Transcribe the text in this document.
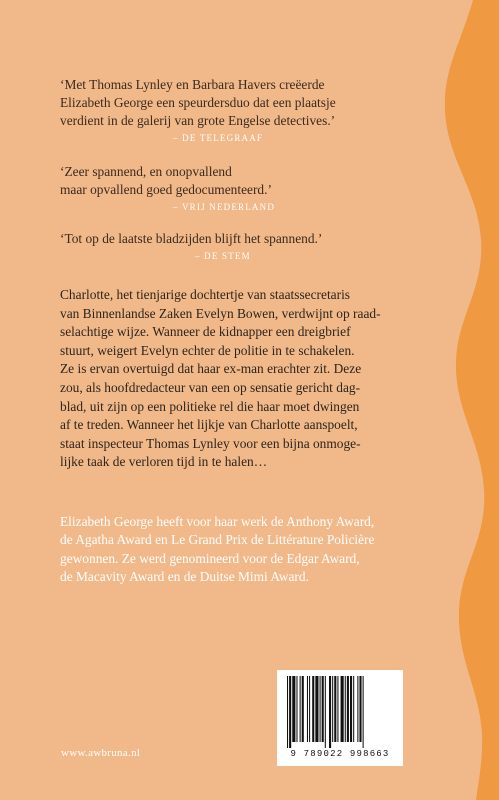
‘Met Thomas Lynley en Barbara Havers creëerde
Elizabeth George een speurdersduo dat een plaatsje
verdient in de galerij van grote Engelse detectives.’
– DE TELEGRAAF
‘Zeer spannend, en onopvallend
maar opvallend goed gedocumenteerd.’
– VRIJ NEDERLAND
‘Tot op de laatste bladzijden blijft het spannend.’
– DE STEM
Charlotte, het tienjarige dochtertje van staatssecretaris
van Binnenlandse Zaken Evelyn Bowen, verdwijnt op raad-
selachtige wijze. Wanneer de kidnapper een dreigbrief
stuurt, weigert Evelyn echter de politie in te schakelen.
Ze is ervan overtuigd dat haar ex-man erachter zit. Deze
zou, als hoofdredacteur van een op sensatie gericht dag-
blad, uit zijn op een politieke rel die haar moet dwingen
af te treden. Wanneer het lijkje van Charlotte aanspoelt,
staat inspecteur Thomas Lynley voor een bijna onmoge-
lijke taak de verloren tijd in te halen…
Elizabeth George heeft voor haar werk de Anthony Award,
de Agatha Award en Le Grand Prix de Littérature Policière
gewonnen. Ze werd genomineerd voor de Edgar Award,
de Macavity Award en de Duitse Mimi Award.
www.awbruna.nl	9 789022 998663
